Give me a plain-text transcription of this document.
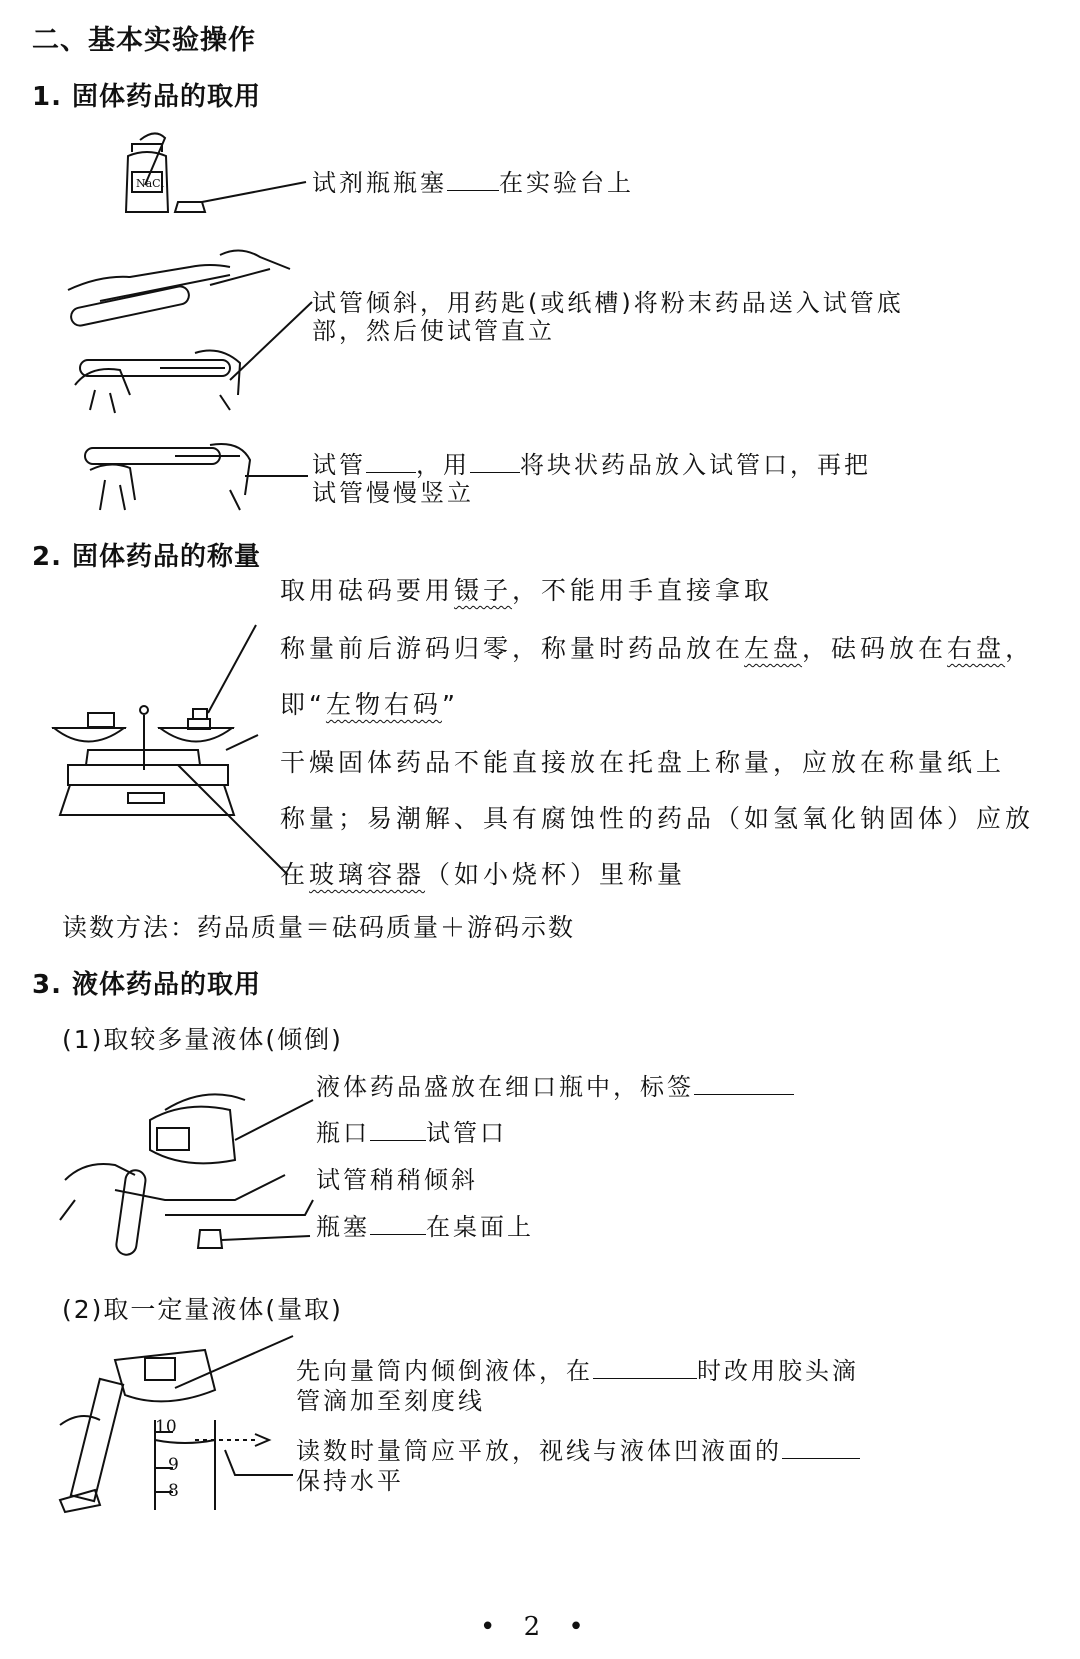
二、基本实验操作
1. 固体药品的取用
NaCl	试剂瓶瓶塞 在实验台上
试管倾斜，用药匙(或纸槽)将粉末药品送入试管底
部，然后使试管直立
试管 ，用 将块状药品放入试管口，再把
试管慢慢竖立
2. 固体药品的称量
取用砝码要用镊子，不能用手直接拿取
称量前后游码归零，称量时药品放在左盘，砝码放在右盘，
即“左物右码”
干燥固体药品不能直接放在托盘上称量，应放在称量纸上
称量；易潮解、具有腐蚀性的药品（如氢氧化钠固体）应放
在玻璃容器（如小烧杯）里称量
读数方法：药品质量＝砝码质量＋游码示数
3. 液体药品的取用
(1)取较多量液体(倾倒)
液体药品盛放在细口瓶中，标签
瓶口 试管口
试管稍稍倾斜
瓶塞 在桌面上
(2)取一定量液体(量取)
10
9
8
先向量筒内倾倒液体，在	时改用胶头滴
管滴加至刻度线
读数时量筒应平放，视线与液体凹液面的
保持水平
• 2 •
